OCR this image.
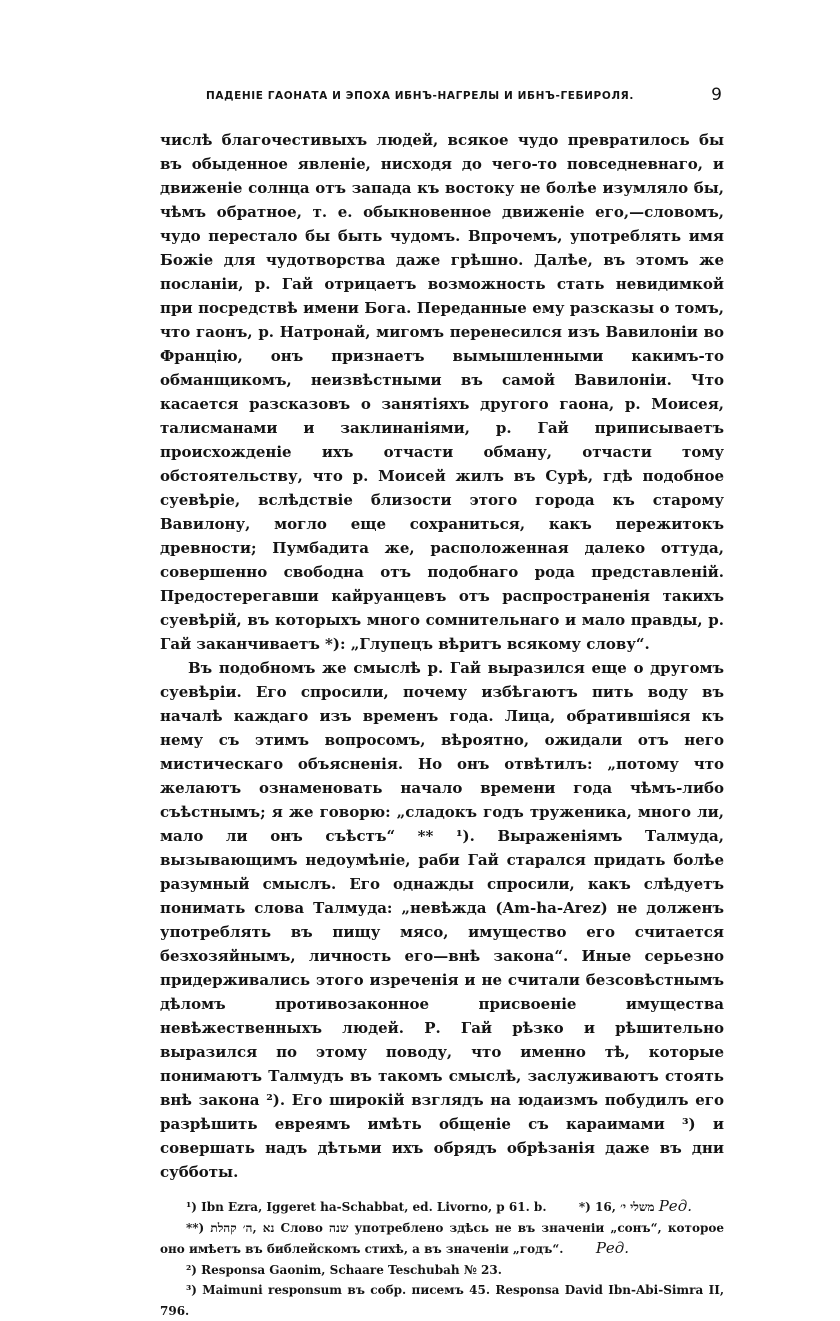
ПАДЕНІЕ ГАОНАТА И ЭПОХА ИБНЪ-НАГРЕЛЫ И ИБНЪ-ГЕБИРОЛЯ.	9

числѣ благочестивыхъ людей, всякое чудо превратилось бы въ обыденное явленіе, нисходя до чего-то повседневнаго, и движеніе солнца отъ запада къ востоку не болѣе изумляло бы, чѣмъ обратное, т. е. обыкновенное движеніе его,—словомъ, чудо перестало бы быть чудомъ. Впрочемъ, употреблять имя Божіе для чудотворства даже грѣшно. Далѣе, въ этомъ же посланіи, р. Гай отрицаетъ возможность стать невидимкой при посредствѣ имени Бога. Переданные ему разсказы о томъ, что гаонъ, р. Натронай, мигомъ перенесился изъ Вавилоніи во Францію, онъ признаетъ вымышленными какимъ-то обманщикомъ, неизвѣстными въ самой Вавилоніи. Что касается разсказовъ о занятіяхъ другого гаона, р. Моисея, талисманами и заклинаніями, р. Гай приписываетъ происхожденіе ихъ отчасти обману, отчасти тому обстоятельству, что р. Моисей жилъ въ Сурѣ, гдѣ подобное суевѣріе, вслѣдствіе близости этого города къ старому Вавилону, могло еще сохраниться, какъ пережитокъ древности; Пумбадита же, расположенная далеко оттуда, совершенно свободна отъ подобнаго рода представленій. Предостерегавши кайруанцевъ отъ распространенія такихъ суевѣрій, въ которыхъ много сомнительнаго и мало правды, р. Гай заканчиваетъ *): „Глупецъ вѣритъ всякому слову“.

Въ подобномъ же смыслѣ р. Гай выразился еще о другомъ суевѣріи. Его спросили, почему избѣгаютъ пить воду въ началѣ каждаго изъ временъ года. Лица, обратившіяся къ нему съ этимъ вопросомъ, вѣроятно, ожидали отъ него мистическаго объясненія. Но онъ отвѣтилъ: „потому что желаютъ ознаменовать начало времени года чѣмъ-либо съѣстнымъ; я же говорю: „сладокъ годъ труженика, много ли, мало ли онъ съѣстъ“ ** ¹). Выраженіямъ Талмуда, вызывающимъ недоумѣніе, раби Гай старался придать болѣе разумный смыслъ. Его однажды спросили, какъ слѣдуетъ понимать слова Талмуда: „невѣжда (Am-ha-Arez) не долженъ употреблять въ пищу мясо, имущество его считается безхозяйнымъ, личность его—внѣ закона“. Иные серьезно придерживались этого изреченія и не считали безсовѣстнымъ дѣломъ противозаконное присвоеніе имущества невѣжественныхъ людей. Р. Гай рѣзко и рѣшительно выразился по этому поводу, что именно тѣ, которые понимаютъ Талмудъ въ такомъ смыслѣ, заслуживаютъ стоять внѣ закона ²). Его широкій взглядъ на юдаизмъ побудилъ его разрѣшить евреямъ имѣть общеніе съ караимами ³) и совершать надъ дѣтьми ихъ обрядъ обрѣзанія даже въ дни субботы.

¹) Ibn Ezra, Iggeret ha-Schabbat, ed. Livorno, p 61. b.	*) 16, משלי י׳ Ред.
**) נא ,ה׳ קהלת Слово שנה употреблено здѣсь не въ значеніи „сонъ“, которое оно имѣетъ въ библейскомъ стихѣ, а въ значеніи „годъ“. Ред.
²) Responsa Gaonim, Schaare Teschubah № 23.
³) Maimuni responsum въ собр. писемъ 45. Responsa David Ibn-Abi-Simra II, 796.
